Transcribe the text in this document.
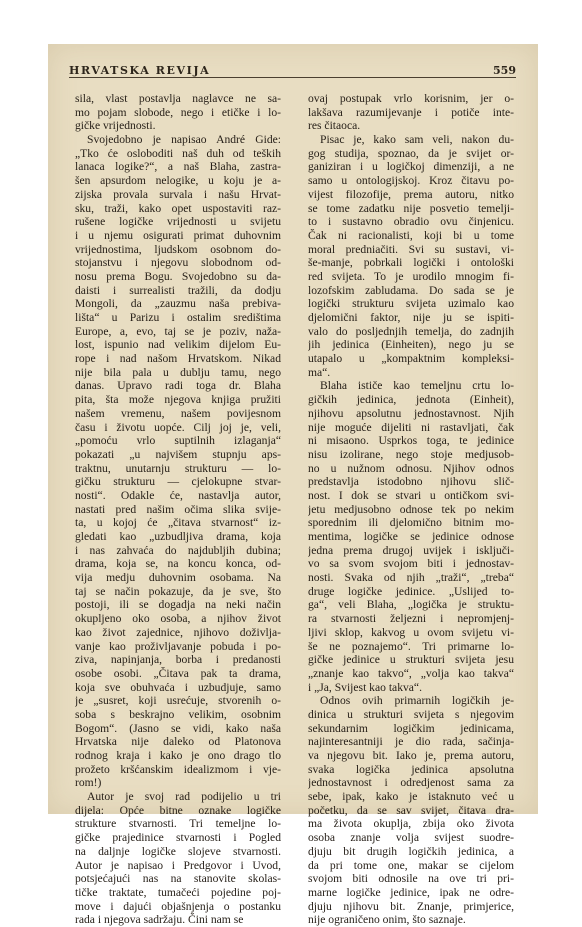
HRVATSKA REVIJA	559
sila, vlast postavlja naglavce ne sa-
mo pojam slobode, nego i etičke i lo-
gičke vrijednosti.
Svojedobno je napisao André Gide:
„Tko će osloboditi naš duh od teških
lanaca logike?“, a naš Blaha, zastra-
šen apsurdom nelogike, u koju je a-
zijska provala survala i našu Hrvat-
sku, traži, kako opet uspostaviti raz-
rušene logičke vrijednosti u svijetu
i u njemu osigurati primat duhovnim
vrijednostima, ljudskom osobnom do-
stojanstvu i njegovu slobodnom od-
nosu prema Bogu. Svojedobno su da-
daisti i surrealisti tražili, da dodju
Mongoli, da „zauzmu naša prebiva-
lišta“ u Parizu i ostalim središtima
Europe, a, evo, taj se je poziv, naža-
lost, ispunio nad velikim dijelom Eu-
rope i nad našom Hrvatskom. Nikad
nije bila pala u dublju tamu, nego
danas. Upravo radi toga dr. Blaha
pita, šta može njegova knjiga pružiti
našem vremenu, našem povijesnom
času i životu uopće. Cilj joj je, veli,
„pomoću vrlo suptilnih izlaganja“
pokazati „u najvišem stupnju aps-
traktnu, unutarnju strukturu — lo-
gičku strukturu — cjelokupne stvar-
nosti“. Odakle će, nastavlja autor,
nastati pred našim očima slika svije-
ta, u kojoj će „čitava stvarnost“ iz-
gledati kao „uzbudljiva drama, koja
i nas zahvaća do najdubljih dubina;
drama, koja se, na koncu konca, od-
vija medju duhovnim osobama. Na
taj se način pokazuje, da je sve, što
postoji, ili se dogadja na neki način
okupljeno oko osoba, a njihov život
kao život zajednice, njihovo doživlja-
vanje kao proživljavanje pobuda i po-
ziva, napinjanja, borba i predanosti
osobe osobi. „Čitava pak ta drama,
koja sve obuhvaća i uzbudjuje, samo
je „susret, koji usrećuje, stvorenih o-
soba s beskrajno velikim, osobnim
Bogom“. (Jasno se vidi, kako naša
Hrvatska nije daleko od Platonova
rodnog kraja i kako je ono drago tlo
prožeto kršćanskim idealizmom i vje-
rom!)
Autor je svoj rad podijelio u tri
dijela: Opće bitne oznake logičke
strukture stvarnosti. Tri temeljne lo-
gičke prajedinice stvarnosti i Pogled
na daljnje logičke slojeve stvarnosti.
Autor je napisao i Predgovor i Uvod,
potsjećajući nas na stanovite skolas-
tičke traktate, tumačeći pojedine poj-
move i dajući objašnjenja o postanku
rada i njegova sadržaju. Čini nam se
ovaj postupak vrlo korisnim, jer o-
lakšava razumijevanje i potiče inte-
res čitaoca.
Pisac je, kako sam veli, nakon du-
gog studija, spoznao, da je svijet or-
ganiziran i u logičkoj dimenziji, a ne
samo u ontologijskoj. Kroz čitavu po-
vijest filozofije, prema autoru, nitko
se tome zadatku nije posvetio temelji-
to i sustavno obradio ovu činjenicu.
Čak ni racionalisti, koji bi u tome
moral predniačiti. Svi su sustavi, vi-
še-manje, pobrkali logički i ontološki
red svijeta. To je urodilo mnogim fi-
lozofskim zabludama. Do sada se je
logički strukturu svijeta uzimalo kao
djelomični faktor, nije ju se ispiti-
valo do posljednjih temelja, do zadnjih
jih jedinica (Einheiten), nego ju se
utapalo u „kompaktnim kompleksi-
ma“.
Blaha ističe kao temeljnu crtu lo-
gičkih jedinica, jednota (Einheit),
njihovu apsolutnu jednostavnost. Njih
nije moguće dijeliti ni rastavljati, čak
ni misaono. Usprkos toga, te jedinice
nisu izolirane, nego stoje medjusob-
no u nužnom odnosu. Njihov odnos
predstavlja istodobno njihovu slič-
nost. I dok se stvari u ontičkom svi-
jetu medjusobno odnose tek po nekim
sporednim ili djelomično bitnim mo-
mentima, logičke se jedinice odnose
jedna prema drugoj uvijek i isključi-
vo sa svom svojom biti i jednostav-
nosti. Svaka od njih „traži“, „treba“
druge logičke jedinice. „Uslijed to-
ga“, veli Blaha, „logička je struktu-
ra stvarnosti željezni i nepromjenj-
ljivi sklop, kakvog u ovom svijetu vi-
še ne poznajemo“. Tri primarne lo-
gičke jedinice u strukturi svijeta jesu
„znanje kao takvo“, „volja kao takva“
i „Ja, Svijest kao takva“.
Odnos ovih primarnih logičkih je-
dinica u strukturi svijeta s njegovim
sekundarnim logičkim jedinicama,
najinteresantniji je dio rada, sačinja-
va njegovu bit. Iako je, prema autoru,
svaka logička jedinica apsolutna
jednostavnost i odredjenost sama za
sebe, ipak, kako je istaknuto već u
početku, da se sav svijet, čitava dra-
ma života okuplja, zbija oko života
osoba znanje volja svijest suodre-
djuju bit drugih logičkih jedinica, a
da pri tome one, makar se cijelom
svojom biti odnosile na ove tri pri-
marne logičke jedinice, ipak ne odre-
djuju njihovu bit. Znanje, primjerice,
nije ograničeno onim, što saznaje.
